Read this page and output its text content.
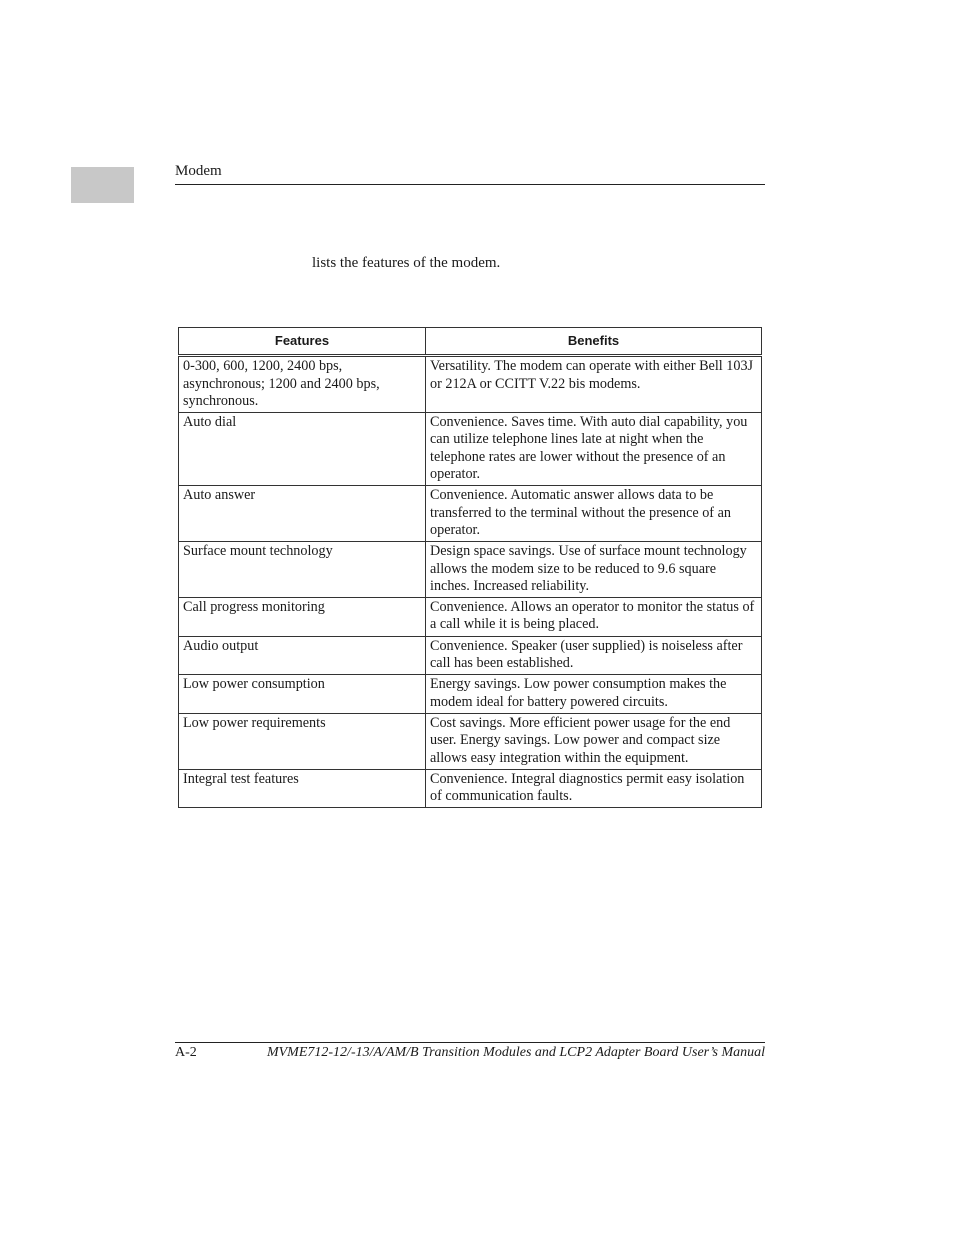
Modem
lists the features of the modem.
Features	Benefits
0-300, 600, 1200, 2400 bps, asynchronous; 1200 and 2400 bps, synchronous.	Versatility. The modem can operate with either Bell 103J or 212A or CCITT V.22 bis modems.
Auto dial	Convenience. Saves time. With auto dial capability, you can utilize telephone lines late at night when the telephone rates are lower without the presence of an operator.
Auto answer	Convenience. Automatic answer allows data to be transferred to the terminal without the presence of an operator.
Surface mount technology	Design space savings. Use of surface mount technology allows the modem size to be reduced to 9.6 square inches. Increased reliability.
Call progress monitoring	Convenience. Allows an operator to monitor the status of a call while it is being placed.
Audio output	Convenience. Speaker (user supplied) is noiseless after call has been established.
Low power consumption	Energy savings. Low power consumption makes the modem ideal for battery powered circuits.
Low power requirements	Cost savings. More efficient power usage for the end user. Energy savings. Low power and compact size allows easy integration within the equipment.
Integral test features	Convenience. Integral diagnostics permit easy isolation of communication faults.
A-2	MVME712-12/-13/A/AM/B Transition Modules and LCP2 Adapter Board User’s Manual
